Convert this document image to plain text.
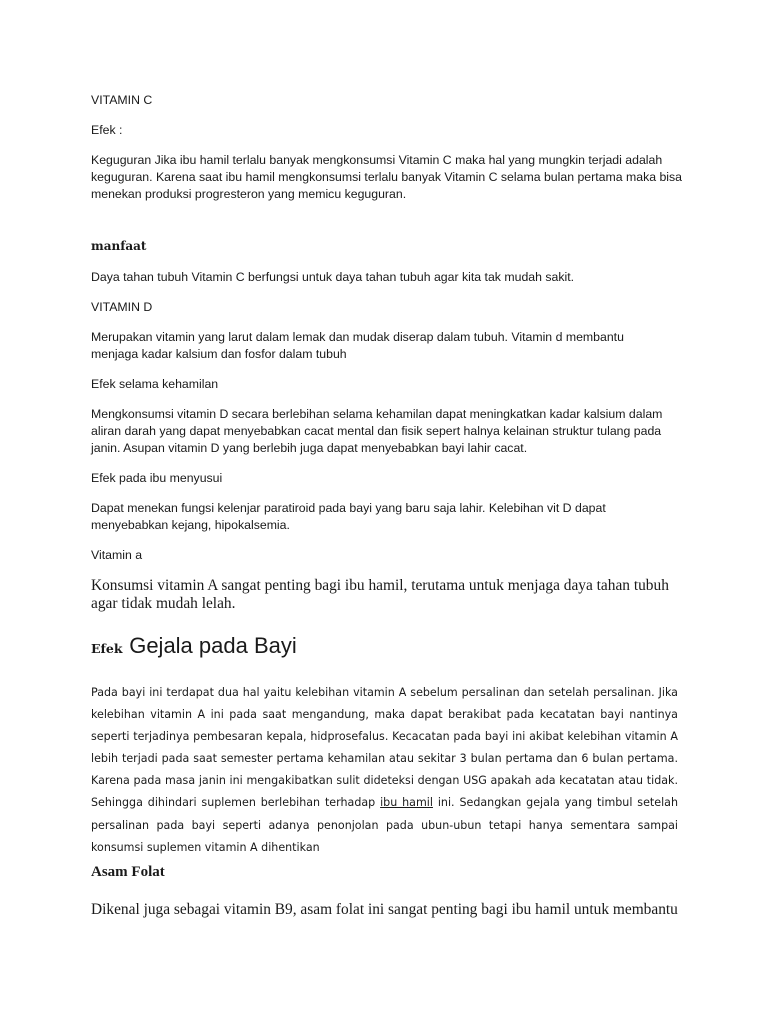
VITAMIN C

Efek :

Keguguran Jika ibu hamil terlalu banyak mengkonsumsi Vitamin C maka hal yang mungkin terjadi adalah keguguran. Karena saat ibu hamil mengkonsumsi terlalu banyak Vitamin C selama bulan pertama maka bisa menekan produksi progresteron yang memicu keguguran.

manfaat

Daya tahan tubuh Vitamin C berfungsi untuk daya tahan tubuh agar kita tak mudah sakit.

VITAMIN D

Merupakan vitamin yang larut dalam lemak dan mudak diserap dalam tubuh. Vitamin d membantu menjaga kadar kalsium dan fosfor dalam tubuh

Efek selama kehamilan

Mengkonsumsi vitamin D secara berlebihan selama kehamilan dapat meningkatkan kadar kalsium dalam aliran darah yang dapat menyebabkan cacat mental dan fisik sepert halnya kelainan struktur tulang pada janin. Asupan vitamin D yang berlebih juga dapat menyebabkan bayi lahir cacat.

Efek pada ibu menyusui

Dapat menekan fungsi kelenjar paratiroid pada bayi yang baru saja lahir. Kelebihan vit D dapat menyebabkan kejang, hipokalsemia.

Vitamin a

Konsumsi vitamin A sangat penting bagi ibu hamil, terutama untuk menjaga daya tahan tubuh agar tidak mudah lelah.

Efek Gejala pada Bayi

Pada bayi ini terdapat dua hal yaitu kelebihan vitamin A sebelum persalinan dan setelah persalinan. Jika kelebihan vitamin A ini pada saat mengandung, maka dapat berakibat pada kecatatan bayi nantinya seperti terjadinya pembesaran kepala, hidprosefalus. Kecacatan pada bayi ini akibat kelebihan vitamin A lebih terjadi pada saat semester pertama kehamilan atau sekitar 3 bulan pertama dan 6 bulan pertama. Karena pada masa janin ini mengakibatkan sulit dideteksi dengan USG apakah ada kecatatan atau tidak. Sehingga dihindari suplemen berlebihan terhadap ibu hamil ini. Sedangkan gejala yang timbul setelah persalinan pada bayi seperti adanya penonjolan pada ubun-ubun tetapi hanya sementara sampai konsumsi suplemen vitamin A dihentikan

Asam Folat

Dikenal juga sebagai vitamin B9, asam folat ini sangat penting bagi ibu hamil untuk membantu
